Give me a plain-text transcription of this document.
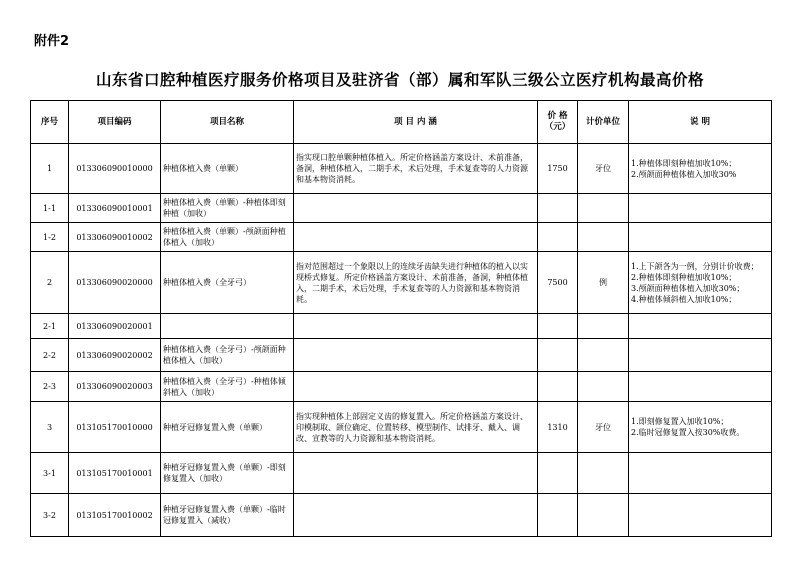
附件2
山东省口腔种植医疗服务价格项目及驻济省（部）属和军队三级公立医疗机构最高价格
序号	项目编码	项目名称	项 目 内 涵	价 格（元）	计价单位	说 明
1	013306090010000	种植体植入费（单颗）	指实现口腔单颗种植体植入。所定价格涵盖方案设计、术前准备，备洞，种植体植入，二期手术，术后处理，手术复查等的人力资源和基本物资消耗。	1750	牙位	1.种植体即刻种植加收10%；
2.颅颌面种植体植入加收30%

1-1	013306090010001	种植体植入费（单颗）-种植体即刻种植（加收）				
1-2	013306090010002	种植体植入费（单颗）-颅颌面种植体植入（加收）				
2	013306090020000	种植体植入费（全牙弓）	指对范围超过一个象限以上的连续牙齿缺失进行种植体的植入以实现桥式修复。所定价格涵盖方案设计、术前准备，备洞，种植体植入，二期手术，术后处理，手术复查等的人力资源和基本物资消耗。	7500	例	1.上下颌各为一例，分别计价收费；
2.种植体即刻种植加收10%；
3.颅颌面种植体植入加收30%；
4.种植体倾斜植入加收10%；

2-1	013306090020001					
2-2	013306090020002	种植体植入费（全牙弓）-颅颌面种植体植入（加收）				
2-3	013306090020003	种植体植入费（全牙弓）-种植体倾斜植入（加收）				
3	013105170010000	种植牙冠修复置入费（单颗）	指实现种植体上部固定义齿的修复置入。所定价格涵盖方案设计、印模制取、颌位确定、位置转移、模型制作、试排牙、戴入、调改、宣教等的人力资源和基本物资消耗。	1310	牙位	1.即刻修复置入加收10%；
2.临时冠修复置入按30%收费。

3-1	013105170010001	种植牙冠修复置入费（单颗）-即刻修复置入（加收）				
3-2	013105170010002	种植牙冠修复置入费（单颗）-临时冠修复置入（减收）				
